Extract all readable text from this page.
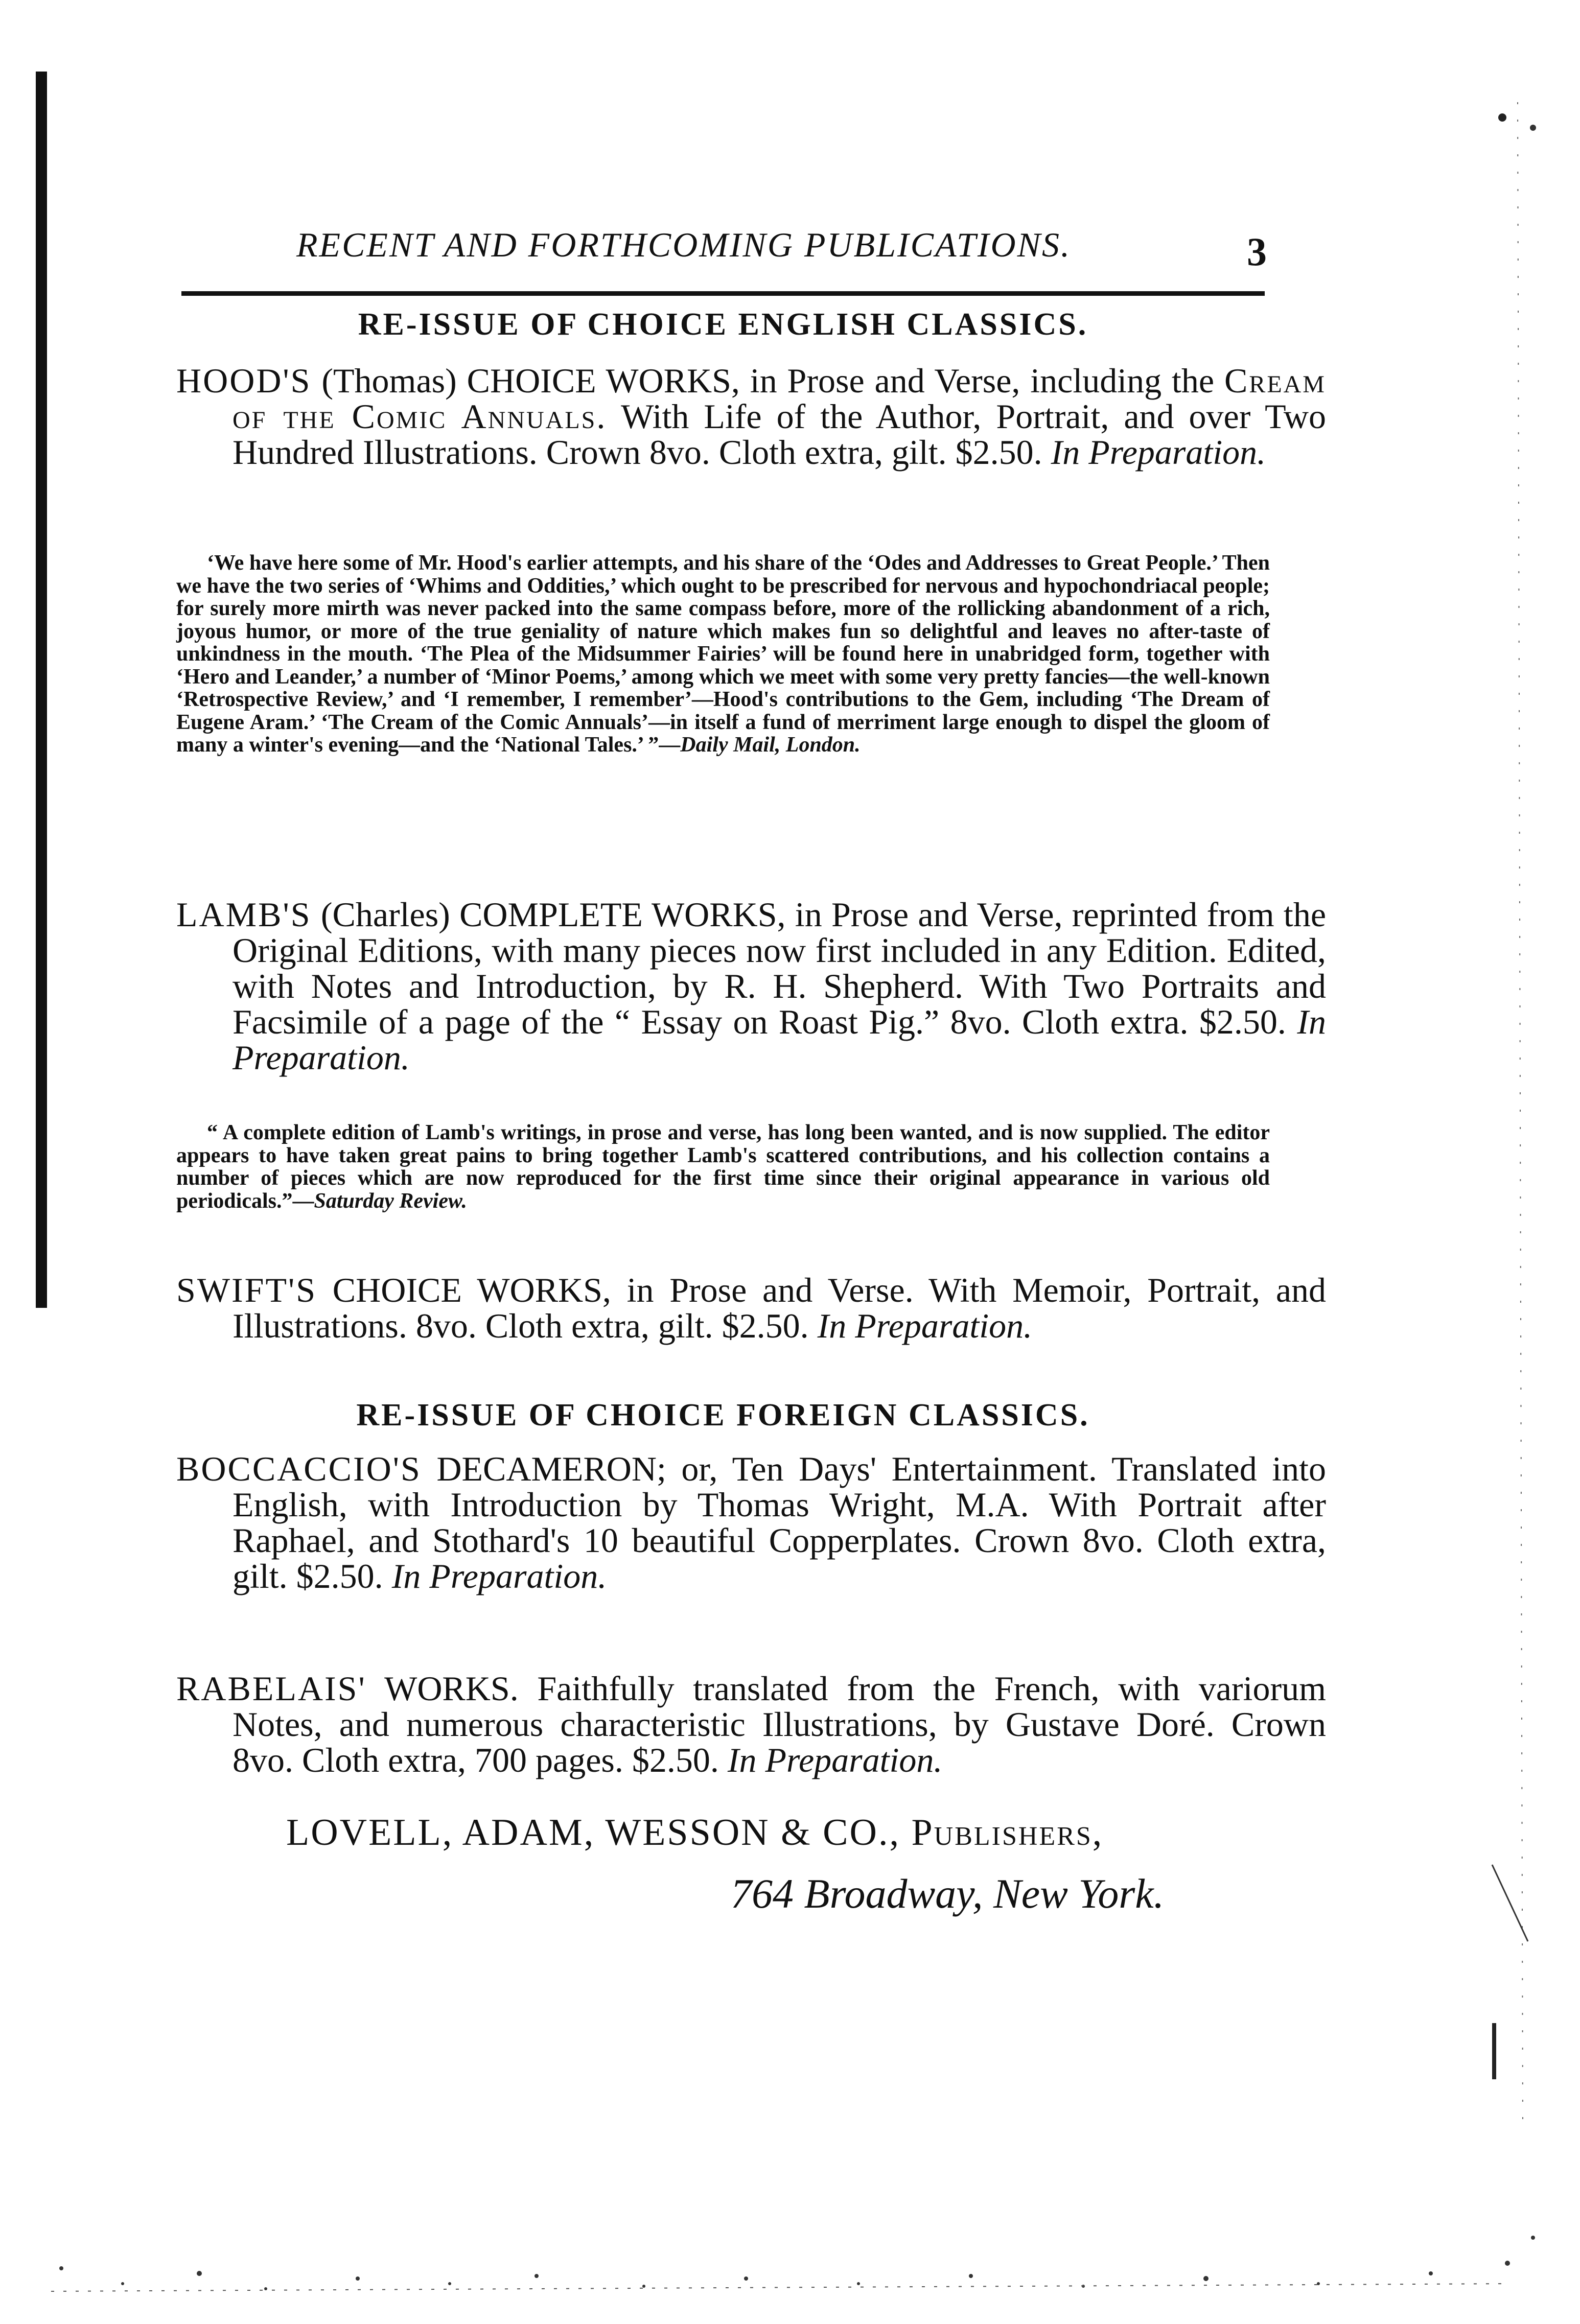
RECENT AND FORTHCOMING PUBLICATIONS.	3
RE-ISSUE OF CHOICE ENGLISH CLASSICS.
HOOD'S (Thomas) CHOICE WORKS, in Prose and Verse, including the Cream of the Comic Annuals. With Life of the Author, Portrait, and over Two Hundred Illustrations. Crown 8vo. Cloth extra, gilt. $2.50. In Preparation.
‘We have here some of Mr. Hood's earlier attempts, and his share of the ‘Odes and Addresses to Great People.’ Then we have the two series of ‘Whims and Oddities,’ which ought to be prescribed for nervous and hypochondriacal people; for surely more mirth was never packed into the same compass before, more of the rollicking abandonment of a rich, joyous humor, or more of the true geniality of nature which makes fun so delightful and leaves no after-taste of unkindness in the mouth. ‘The Plea of the Midsummer Fairies’ will be found here in unabridged form, together with ‘Hero and Leander,’ a number of ‘Minor Poems,’ among which we meet with some very pretty fancies—the well-known ‘Retrospective Review,’ and ‘I remember, I remember’—Hood's contributions to the Gem, including ‘The Dream of Eugene Aram.’ ‘The Cream of the Comic Annuals’—in itself a fund of merriment large enough to dispel the gloom of many a winter's evening—and the ‘National Tales.’ ”—Daily Mail, London.
LAMB'S (Charles) COMPLETE WORKS, in Prose and Verse, reprinted from the Original Editions, with many pieces now first included in any Edition. Edited, with Notes and Introduction, by R. H. Shepherd. With Two Portraits and Facsimile of a page of the “ Essay on Roast Pig.” 8vo. Cloth extra. $2.50. In Preparation.
“ A complete edition of Lamb's writings, in prose and verse, has long been wanted, and is now supplied. The editor appears to have taken great pains to bring together Lamb's scattered contributions, and his collection contains a number of pieces which are now reproduced for the first time since their original appearance in various old periodicals.”—Saturday Review.
SWIFT'S CHOICE WORKS, in Prose and Verse. With Memoir, Portrait, and Illustrations. 8vo. Cloth extra, gilt. $2.50. In Preparation.
RE-ISSUE OF CHOICE FOREIGN CLASSICS.
BOCCACCIO'S DECAMERON; or, Ten Days' Entertainment. Translated into English, with Introduction by Thomas Wright, M.A. With Portrait after Raphael, and Stothard's 10 beautiful Copperplates. Crown 8vo. Cloth extra, gilt. $2.50. In Preparation.
RABELAIS' WORKS. Faithfully translated from the French, with variorum Notes, and numerous characteristic Illustrations, by Gustave Doré. Crown 8vo. Cloth extra, 700 pages. $2.50. In Preparation.
LOVELL, ADAM, WESSON & CO., Publishers,
764 Broadway, New York.
